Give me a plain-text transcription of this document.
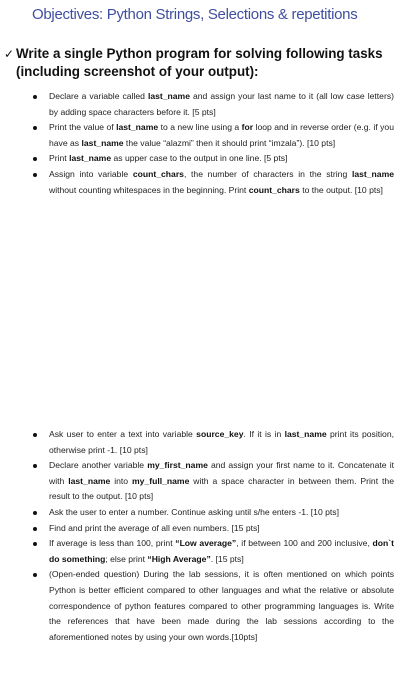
Objectives: Python Strings, Selections & repetitions
✓ Write a single Python program for solving following tasks
(including screenshot of your output):
Declare a variable called last_name and assign your last name to it (all low case letters) by adding space characters before it. [5 pts]
Print the value of last_name to a new line using a for loop and in reverse order (e.g. if you have as last_name the value “alazmi” then it should print “imzala”). [10 pts]
Print last_name as upper case to the output in one line. [5 pts]
Assign into variable count_chars, the number of characters in the string last_name without counting whitespaces in the beginning. Print count_chars to the output. [10 pts]
Ask user to enter a text into variable source_key. If it is in last_name print its position, otherwise print -1. [10 pts]
Declare another variable my_first_name and assign your first name to it. Concatenate it with last_name into my_full_name with a space character in between them. Print the result to the output. [10 pts]
Ask the user to enter a number. Continue asking until s/he enters -1. [10 pts]
Find and print the average of all even numbers. [15 pts]
If average is less than 100, print “Low average”, if between 100 and 200 inclusive, don`t do something; else print “High Average”. [15 pts]
(Open-ended question) During the lab sessions, it is often mentioned on which points Python is better efficient compared to other languages and what the relative or absolute correspondence of python features compared to other programming languages is. Write the references that have been made during the lab sessions according to the aforementioned notes by using your own words.[10pts]
